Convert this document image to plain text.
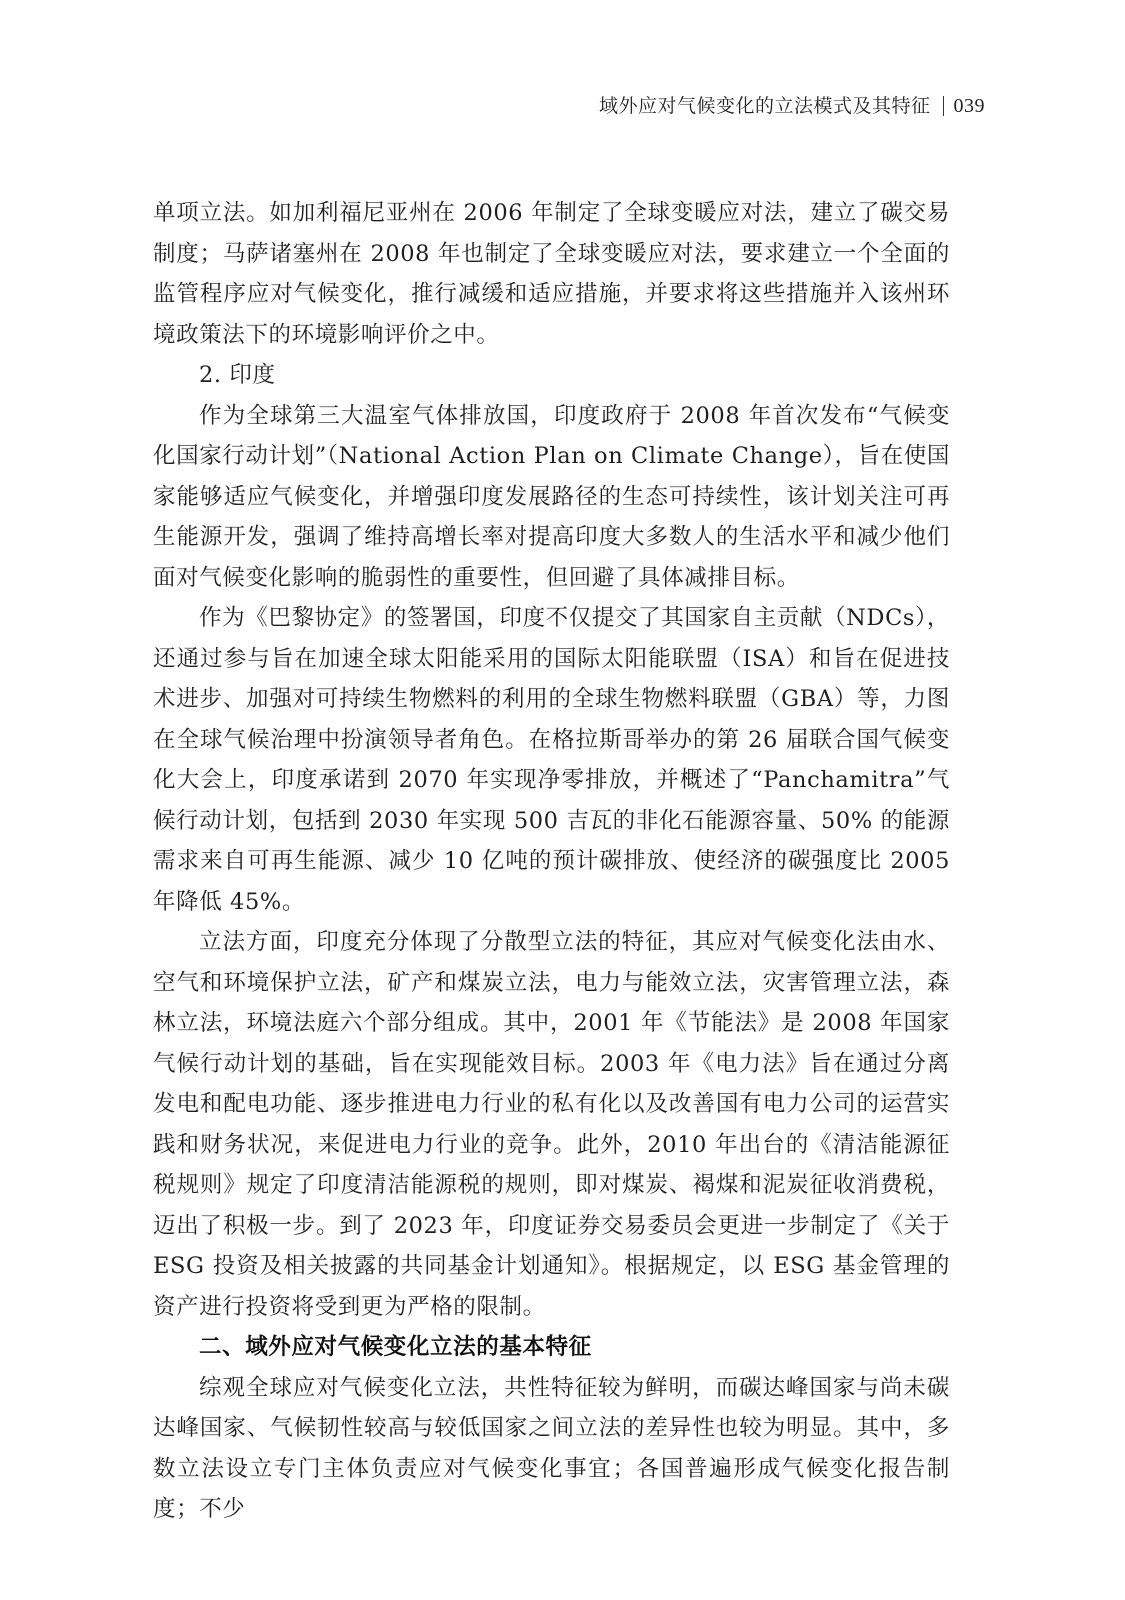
域外应对气候变化的立法模式及其特征 039

单项立法。如加利福尼亚州在 2006 年制定了全球变暖应对法，建立了碳交易制度；马萨诸塞州在 2008 年也制定了全球变暖应对法，要求建立一个全面的监管程序应对气候变化，推行减缓和适应措施，并要求将这些措施并入该州环境政策法下的环境影响评价之中。

2. 印度

作为全球第三大温室气体排放国，印度政府于 2008 年首次发布“气候变化国家行动计划”（National Action Plan on Climate Change），旨在使国家能够适应气候变化，并增强印度发展路径的生态可持续性，该计划关注可再生能源开发，强调了维持高增长率对提高印度大多数人的生活水平和减少他们面对气候变化影响的脆弱性的重要性，但回避了具体减排目标。

作为《巴黎协定》的签署国，印度不仅提交了其国家自主贡献（NDCs），还通过参与旨在加速全球太阳能采用的国际太阳能联盟（ISA）和旨在促进技术进步、加强对可持续生物燃料的利用的全球生物燃料联盟（GBA）等，力图在全球气候治理中扮演领导者角色。在格拉斯哥举办的第 26 届联合国气候变化大会上，印度承诺到 2070 年实现净零排放，并概述了“Panchamitra”气候行动计划，包括到 2030 年实现 500 吉瓦的非化石能源容量、50% 的能源需求来自可再生能源、减少 10 亿吨的预计碳排放、使经济的碳强度比 2005 年降低 45%。

立法方面，印度充分体现了分散型立法的特征，其应对气候变化法由水、空气和环境保护立法，矿产和煤炭立法，电力与能效立法，灾害管理立法，森林立法，环境法庭六个部分组成。其中，2001 年《节能法》是 2008 年国家气候行动计划的基础，旨在实现能效目标。2003 年《电力法》旨在通过分离发电和配电功能、逐步推进电力行业的私有化以及改善国有电力公司的运营实践和财务状况，来促进电力行业的竞争。此外，2010 年出台的《清洁能源征税规则》规定了印度清洁能源税的规则，即对煤炭、褐煤和泥炭征收消费税，迈出了积极一步。到了 2023 年，印度证券交易委员会更进一步制定了《关于 ESG 投资及相关披露的共同基金计划通知》。根据规定，以 ESG 基金管理的资产进行投资将受到更为严格的限制。

二、域外应对气候变化立法的基本特征

综观全球应对气候变化立法，共性特征较为鲜明，而碳达峰国家与尚未碳达峰国家、气候韧性较高与较低国家之间立法的差异性也较为明显。其中，多数立法设立专门主体负责应对气候变化事宜；各国普遍形成气候变化报告制度；不少
